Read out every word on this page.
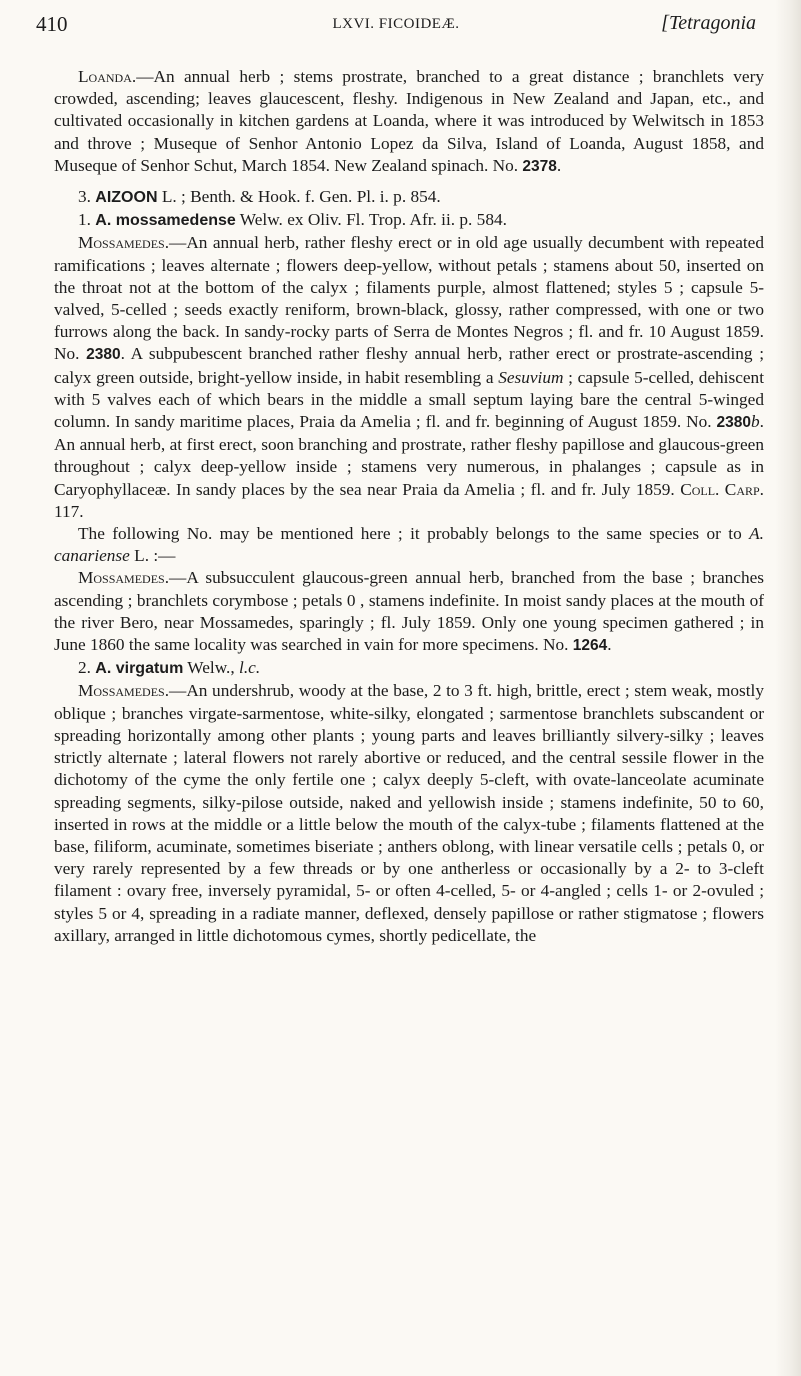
410	LXVI. FICOIDEÆ.	[Tetragonia

Loanda.—An annual herb ; stems prostrate, branched to a great distance ; branchlets very crowded, ascending; leaves glaucescent, fleshy. Indigenous in New Zealand and Japan, etc., and cultivated occasionally in kitchen gardens at Loanda, where it was introduced by Welwitsch in 1853 and throve ; Museque of Senhor Antonio Lopez da Silva, Island of Loanda, August 1858, and Museque of Senhor Schut, March 1854. New Zealand spinach. No. 2378.

3. AIZOON L. ; Benth. & Hook. f. Gen. Pl. i. p. 854.

1. A. mossamedense Welw. ex Oliv. Fl. Trop. Afr. ii. p. 584.

Mossamedes.—An annual herb, rather fleshy erect or in old age usually decumbent with repeated ramifications ; leaves alternate ; flowers deep-yellow, without petals ; stamens about 50, inserted on the throat not at the bottom of the calyx ; filaments purple, almost flattened; styles 5 ; capsule 5-valved, 5-celled ; seeds exactly reniform, brown-black, glossy, rather compressed, with one or two furrows along the back. In sandy-rocky parts of Serra de Montes Negros ; fl. and fr. 10 August 1859. No. 2380. A subpubescent branched rather fleshy annual herb, rather erect or prostrate-ascending ; calyx green outside, bright-yellow inside, in habit resembling a Sesuvium ; capsule 5-celled, dehiscent with 5 valves each of which bears in the middle a small septum laying bare the central 5-winged column. In sandy maritime places, Praia da Amelia ; fl. and fr. beginning of August 1859. No. 2380b. An annual herb, at first erect, soon branching and prostrate, rather fleshy papillose and glaucous-green throughout ; calyx deep-yellow inside ; stamens very numerous, in phalanges ; capsule as in Caryophyllaceæ. In sandy places by the sea near Praia da Amelia ; fl. and fr. July 1859. Coll. Carp. 117.

The following No. may be mentioned here ; it probably belongs to the same species or to A. canariense L. :—

Mossamedes.—A subsucculent glaucous-green annual herb, branched from the base ; branches ascending ; branchlets corymbose ; petals 0 , stamens indefinite. In moist sandy places at the mouth of the river Bero, near Mossamedes, sparingly ; fl. July 1859. Only one young specimen gathered ; in June 1860 the same locality was searched in vain for more specimens. No. 1264.

2. A. virgatum Welw., l.c.

Mossamedes.—An undershrub, woody at the base, 2 to 3 ft. high, brittle, erect ; stem weak, mostly oblique ; branches virgate-sarmentose, white-silky, elongated ; sarmentose branchlets subscandent or spreading horizontally among other plants ; young parts and leaves brilliantly silvery-silky ; leaves strictly alternate ; lateral flowers not rarely abortive or reduced, and the central sessile flower in the dichotomy of the cyme the only fertile one ; calyx deeply 5-cleft, with ovate-lanceolate acuminate spreading segments, silky-pilose outside, naked and yellowish inside ; stamens indefinite, 50 to 60, inserted in rows at the middle or a little below the mouth of the calyx-tube ; filaments flattened at the base, filiform, acuminate, sometimes biseriate ; anthers oblong, with linear versatile cells ; petals 0, or very rarely represented by a few threads or by one antherless or occasionally by a 2- to 3-cleft filament : ovary free, inversely pyramidal, 5- or often 4-celled, 5- or 4-angled ; cells 1- or 2-ovuled ; styles 5 or 4, spreading in a radiate manner, deflexed, densely papillose or rather stigmatose ; flowers axillary, arranged in little dichotomous cymes, shortly pedicellate, the
